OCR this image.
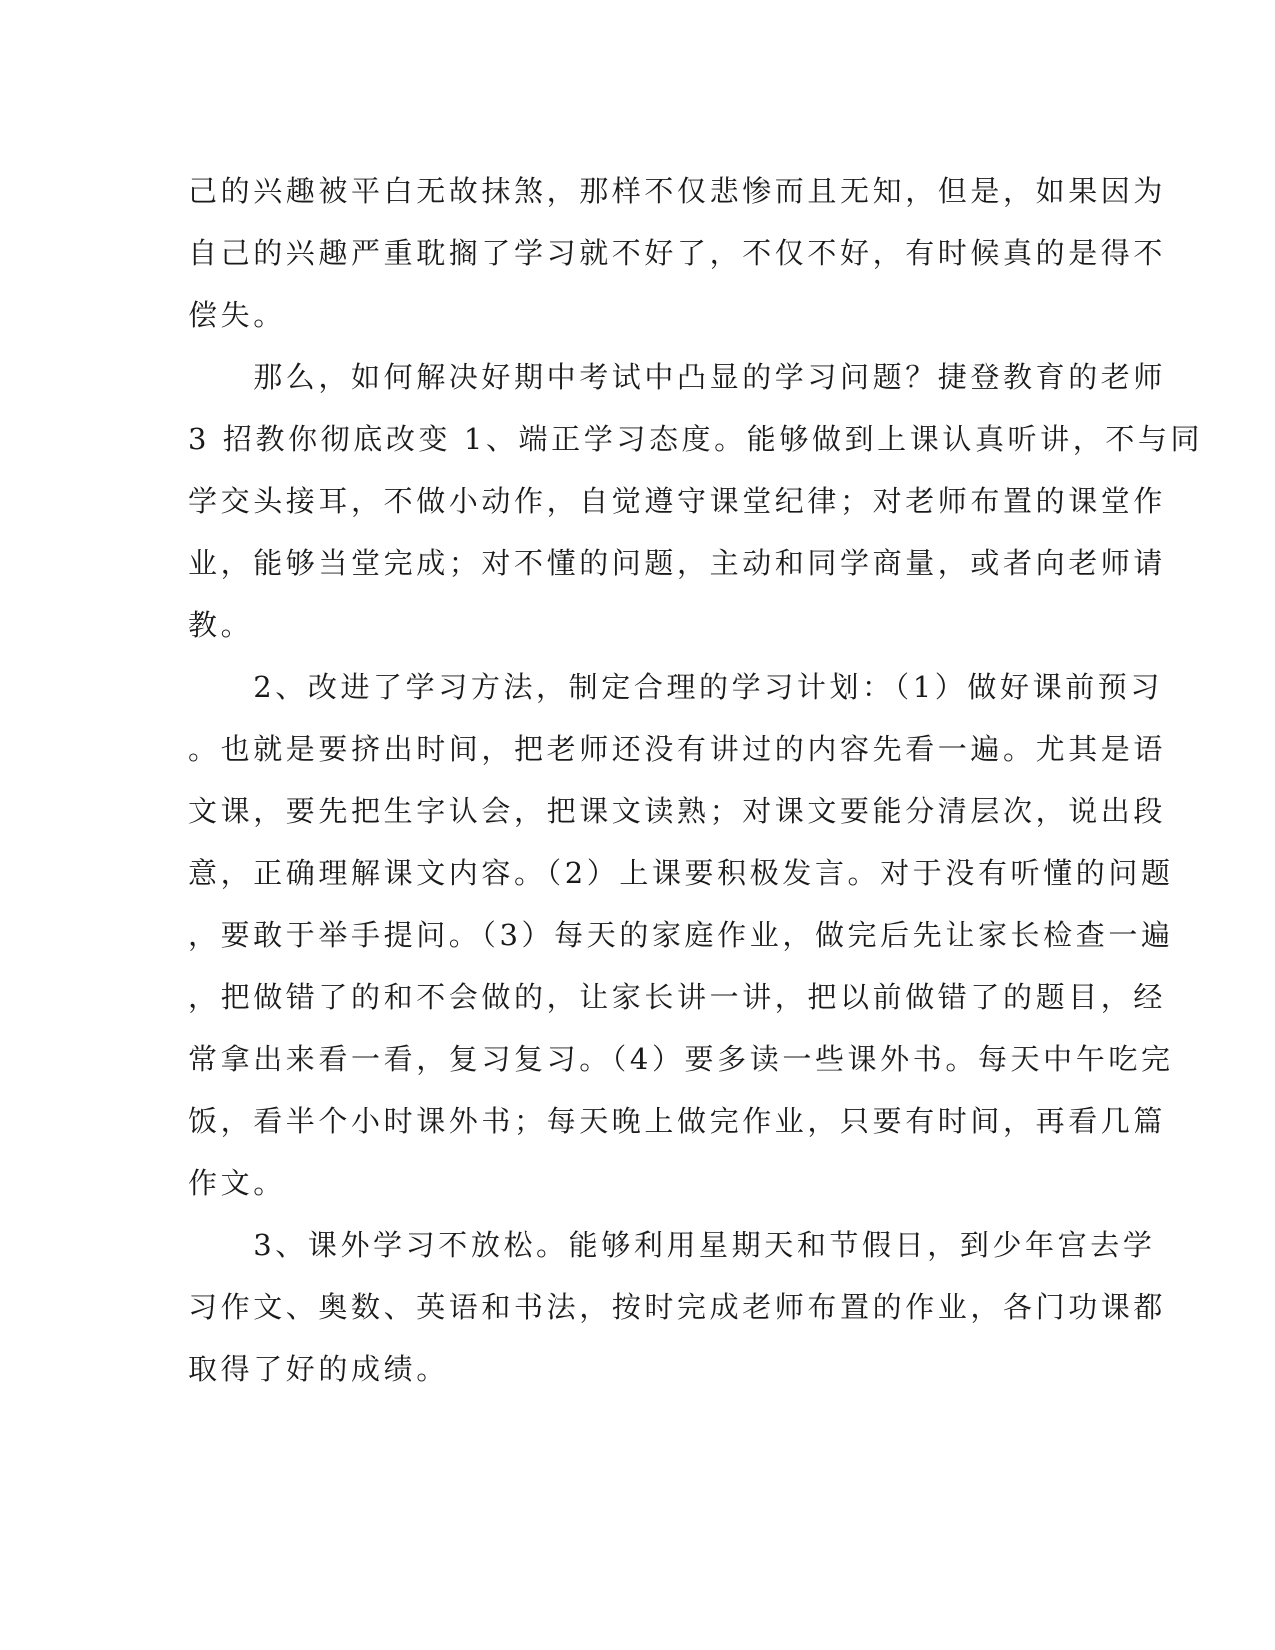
己的兴趣被平白无故抹煞，那样不仅悲惨而且无知，但是，如果因为
自己的兴趣严重耽搁了学习就不好了，不仅不好，有时候真的是得不
偿失。
　　那么，如何解决好期中考试中凸显的学习问题？捷登教育的老师
3 招教你彻底改变 1、端正学习态度。能够做到上课认真听讲，不与同
学交头接耳，不做小动作，自觉遵守课堂纪律；对老师布置的课堂作
业，能够当堂完成；对不懂的问题，主动和同学商量，或者向老师请
教。
　　2、改进了学习方法，制定合理的学习计划：（1）做好课前预习
。也就是要挤出时间，把老师还没有讲过的内容先看一遍。尤其是语
文课，要先把生字认会，把课文读熟；对课文要能分清层次，说出段
意，正确理解课文内容。（2）上课要积极发言。对于没有听懂的问题
，要敢于举手提问。（3）每天的家庭作业，做完后先让家长检查一遍
，把做错了的和不会做的，让家长讲一讲，把以前做错了的题目，经
常拿出来看一看，复习复习。（4）要多读一些课外书。每天中午吃完
饭，看半个小时课外书；每天晚上做完作业，只要有时间，再看几篇
作文。
　　3、课外学习不放松。能够利用星期天和节假日，到少年宫去学
习作文、奥数、英语和书法，按时完成老师布置的作业，各门功课都
取得了好的成绩。
